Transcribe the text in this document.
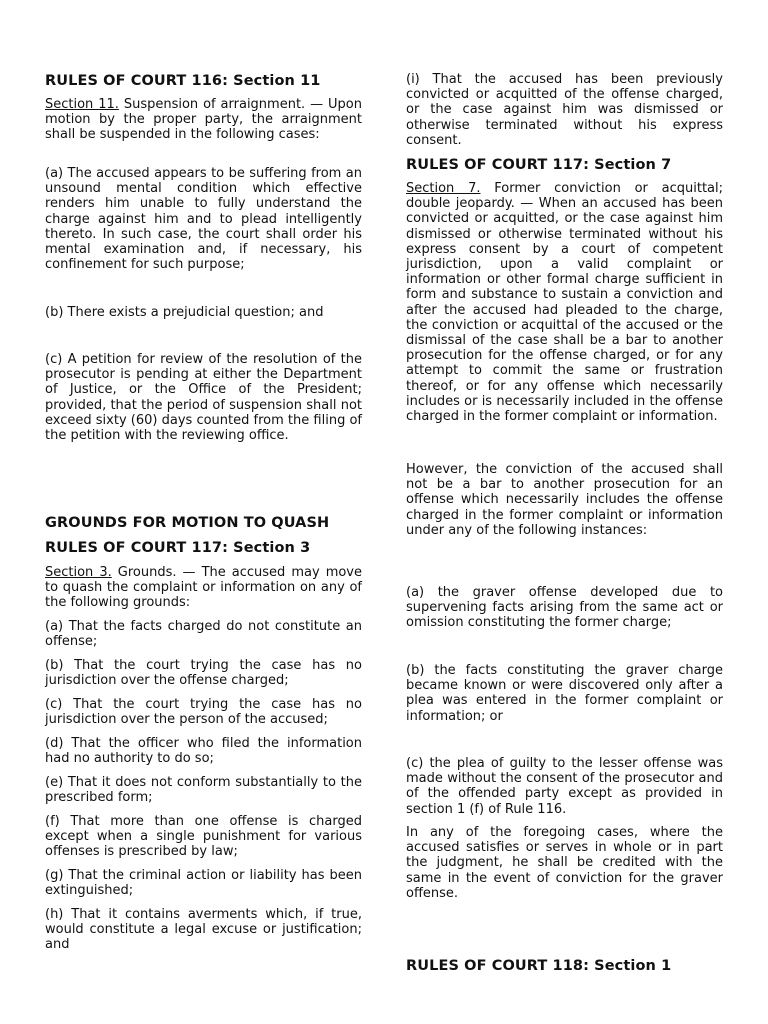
RULES OF COURT 116: Section 11

Section 11. Suspension of arraignment. — Upon motion by the proper party, the arraignment shall be suspended in the following cases:

(a) The accused appears to be suffering from an unsound mental condition which effective renders him unable to fully understand the charge against him and to plead intelligently thereto. In such case, the court shall order his mental examination and, if necessary, his confinement for such purpose;

(b) There exists a prejudicial question; and

(c) A petition for review of the resolution of the prosecutor is pending at either the Department of Justice, or the Office of the President; provided, that the period of suspension shall not exceed sixty (60) days counted from the filing of the petition with the reviewing office.

GROUNDS FOR MOTION TO QUASH
RULES OF COURT 117: Section 3

Section 3. Grounds. — The accused may move to quash the complaint or information on any of the following grounds:

(a) That the facts charged do not constitute an offense;

(b) That the court trying the case has no jurisdiction over the offense charged;

(c) That the court trying the case has no jurisdiction over the person of the accused;

(d) That the officer who filed the information had no authority to do so;

(e) That it does not conform substantially to the prescribed form;

(f) That more than one offense is charged except when a single punishment for various offenses is prescribed by law;

(g) That the criminal action or liability has been extinguished;

(h) That it contains averments which, if true, would constitute a legal excuse or justification; and

(i) That the accused has been previously convicted or acquitted of the offense charged, or the case against him was dismissed or otherwise terminated without his express consent.

RULES OF COURT 117: Section 7

Section 7. Former conviction or acquittal; double jeopardy. — When an accused has been convicted or acquitted, or the case against him dismissed or otherwise terminated without his express consent by a court of competent jurisdiction, upon a valid complaint or information or other formal charge sufficient in form and substance to sustain a conviction and after the accused had pleaded to the charge, the conviction or acquittal of the accused or the dismissal of the case shall be a bar to another prosecution for the offense charged, or for any attempt to commit the same or frustration thereof, or for any offense which necessarily includes or is necessarily included in the offense charged in the former complaint or information.

However, the conviction of the accused shall not be a bar to another prosecution for an offense which necessarily includes the offense charged in the former complaint or information under any of the following instances:

(a) the graver offense developed due to supervening facts arising from the same act or omission constituting the former charge;

(b) the facts constituting the graver charge became known or were discovered only after a plea was entered in the former complaint or information; or

(c) the plea of guilty to the lesser offense was made without the consent of the prosecutor and of the offended party except as provided in section 1 (f) of Rule 116.

In any of the foregoing cases, where the accused satisfies or serves in whole or in part the judgment, he shall be credited with the same in the event of conviction for the graver offense.

RULES OF COURT 118: Section 1
